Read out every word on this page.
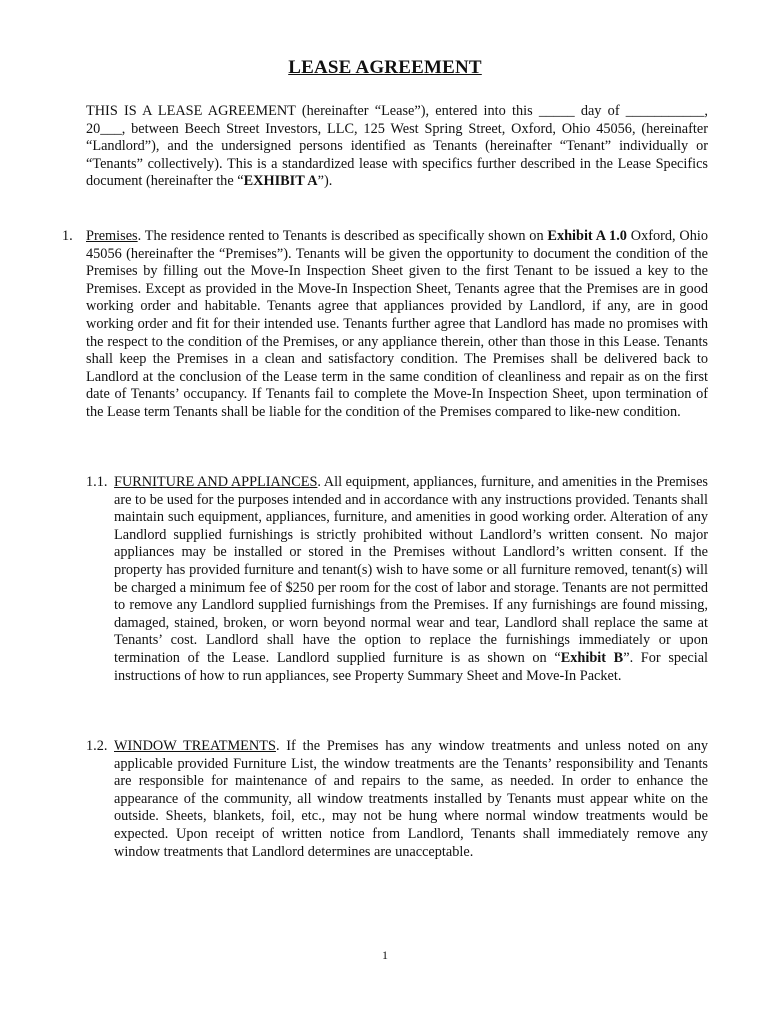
LEASE AGREEMENT

THIS IS A LEASE AGREEMENT (hereinafter “Lease”), entered into this _____ day of ___________, 20___, between Beech Street Investors, LLC, 125 West Spring Street, Oxford, Ohio 45056, (hereinafter “Landlord”), and the undersigned persons identified as Tenants (hereinafter “Tenant” individually or “Tenants” collectively). This is a standardized lease with specifics further described in the Lease Specifics document (hereinafter the “EXHIBIT A”).

1. Premises. The residence rented to Tenants is described as specifically shown on Exhibit A 1.0 Oxford, Ohio 45056 (hereinafter the “Premises”). Tenants will be given the opportunity to document the condition of the Premises by filling out the Move-In Inspection Sheet given to the first Tenant to be issued a key to the Premises. Except as provided in the Move-In Inspection Sheet, Tenants agree that the Premises are in good working order and habitable. Tenants agree that appliances provided by Landlord, if any, are in good working order and fit for their intended use. Tenants further agree that Landlord has made no promises with the respect to the condition of the Premises, or any appliance therein, other than those in this Lease. Tenants shall keep the Premises in a clean and satisfactory condition. The Premises shall be delivered back to Landlord at the conclusion of the Lease term in the same condition of cleanliness and repair as on the first date of Tenants’ occupancy. If Tenants fail to complete the Move-In Inspection Sheet, upon termination of the Lease term Tenants shall be liable for the condition of the Premises compared to like-new condition.

1.1. FURNITURE AND APPLIANCES. All equipment, appliances, furniture, and amenities in the Premises are to be used for the purposes intended and in accordance with any instructions provided. Tenants shall maintain such equipment, appliances, furniture, and amenities in good working order. Alteration of any Landlord supplied furnishings is strictly prohibited without Landlord’s written consent. No major appliances may be installed or stored in the Premises without Landlord’s written consent. If the property has provided furniture and tenant(s) wish to have some or all furniture removed, tenant(s) will be charged a minimum fee of $250 per room for the cost of labor and storage. Tenants are not permitted to remove any Landlord supplied furnishings from the Premises. If any furnishings are found missing, damaged, stained, broken, or worn beyond normal wear and tear, Landlord shall replace the same at Tenants’ cost. Landlord shall have the option to replace the furnishings immediately or upon termination of the Lease. Landlord supplied furniture is as shown on “Exhibit B”. For special instructions of how to run appliances, see Property Summary Sheet and Move-In Packet.

1.2. WINDOW TREATMENTS. If the Premises has any window treatments and unless noted on any applicable provided Furniture List, the window treatments are the Tenants’ responsibility and Tenants are responsible for maintenance of and repairs to the same, as needed. In order to enhance the appearance of the community, all window treatments installed by Tenants must appear white on the outside. Sheets, blankets, foil, etc., may not be hung where normal window treatments would be expected. Upon receipt of written notice from Landlord, Tenants shall immediately remove any window treatments that Landlord determines are unacceptable.

1
